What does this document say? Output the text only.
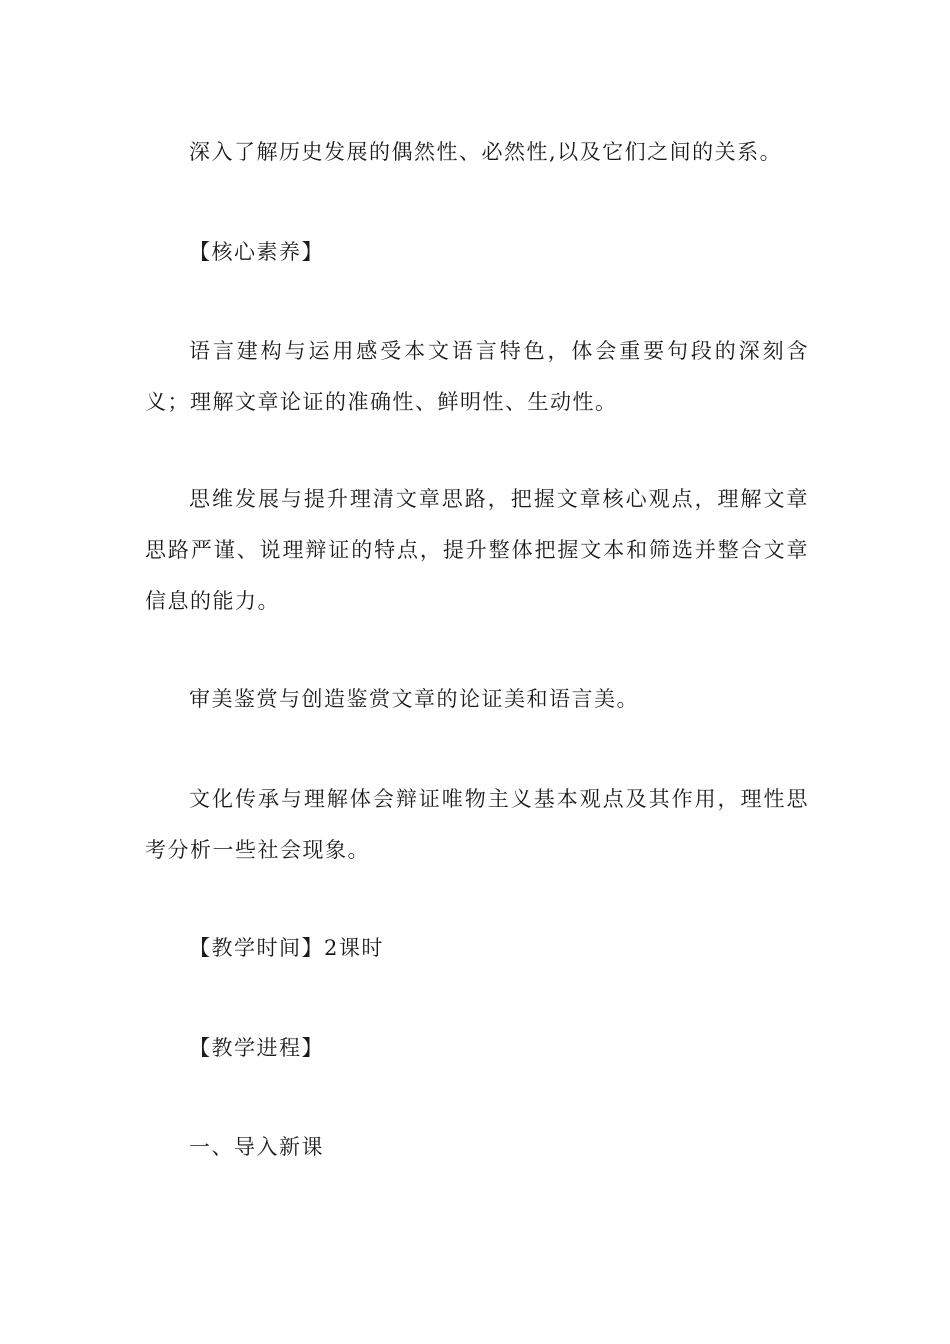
深入了解历史发展的偶然性、必然性,以及它们之间的关系。

【核心素养】

语言建构与运用感受本文语言特色，体会重要句段的深刻含义；理解文章论证的准确性、鲜明性、生动性。

思维发展与提升理清文章思路，把握文章核心观点，理解文章思路严谨、说理辩证的特点，提升整体把握文本和筛选并整合文章信息的能力。

审美鉴赏与创造鉴赏文章的论证美和语言美。

文化传承与理解体会辩证唯物主义基本观点及其作用，理性思考分析一些社会现象。

【教学时间】2课时

【教学进程】

一、导入新课
